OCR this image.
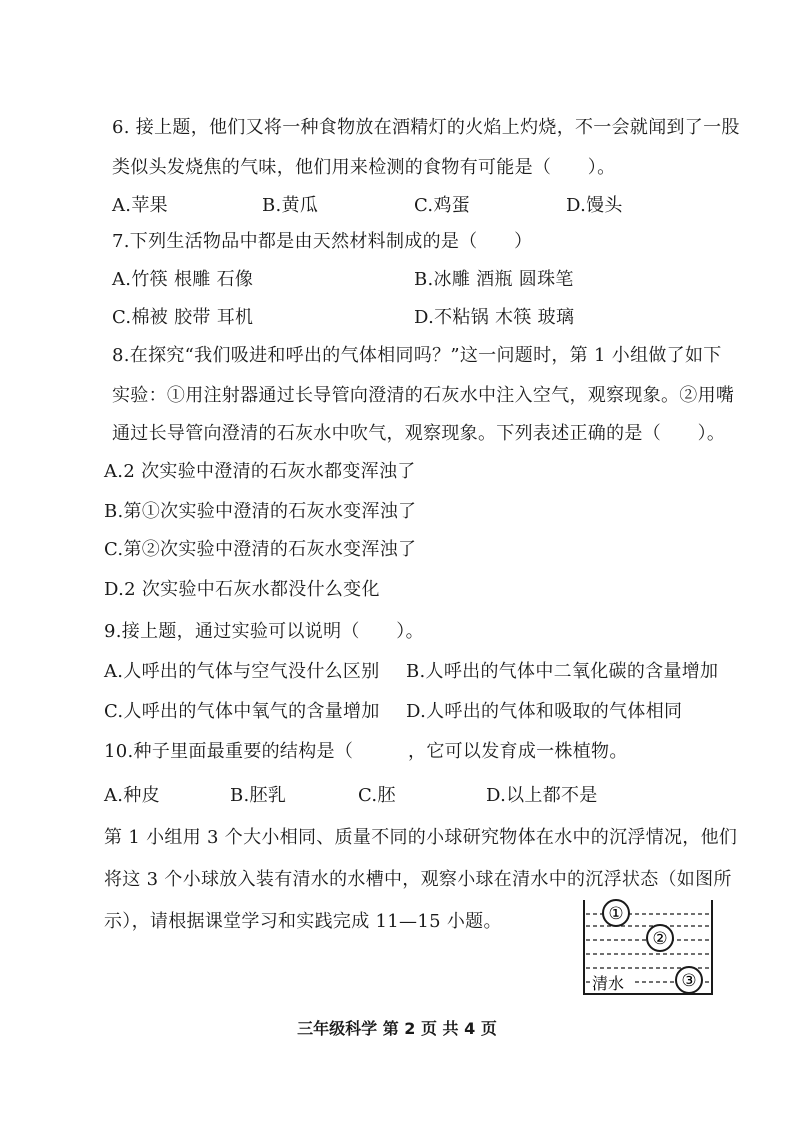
6. 接上题，他们又将一种食物放在酒精灯的火焰上灼烧，不一会就闻到了一股
类似头发烧焦的气味，他们用来检测的食物有可能是（　　）。
A.苹果	B.黄瓜	C.鸡蛋	D.馒头
7.下列生活物品中都是由天然材料制成的是（　　）
A.竹筷 根雕 石像	B.冰雕 酒瓶 圆珠笔
C.棉被 胶带 耳机	D.不粘锅 木筷 玻璃
8.在探究“我们吸进和呼出的气体相同吗？”这一问题时，第 1 小组做了如下
实验：①用注射器通过长导管向澄清的石灰水中注入空气，观察现象。②用嘴
通过长导管向澄清的石灰水中吹气，观察现象。下列表述正确的是（　　）。
A.2 次实验中澄清的石灰水都变浑浊了
B.第①次实验中澄清的石灰水变浑浊了
C.第②次实验中澄清的石灰水变浑浊了
D.2 次实验中石灰水都没什么变化
9.接上题，通过实验可以说明（　　）。
A.人呼出的气体与空气没什么区别 B.人呼出的气体中二氧化碳的含量增加
C.人呼出的气体中氧气的含量增加 D.人呼出的气体和吸取的气体相同
10.种子里面最重要的结构是（　　　，它可以发育成一株植物。
A.种皮	B.胚乳	C.胚	D.以上都不是
第 1 小组用 3 个大小相同、质量不同的小球研究物体在水中的沉浮情况，他们
将这 3 个小球放入装有清水的水槽中，观察小球在清水中的沉浮状态（如图所
示），请根据课堂学习和实践完成 11—15 小题。	①
②
③
清水
三年级科学 第 2 页 共 4 页
